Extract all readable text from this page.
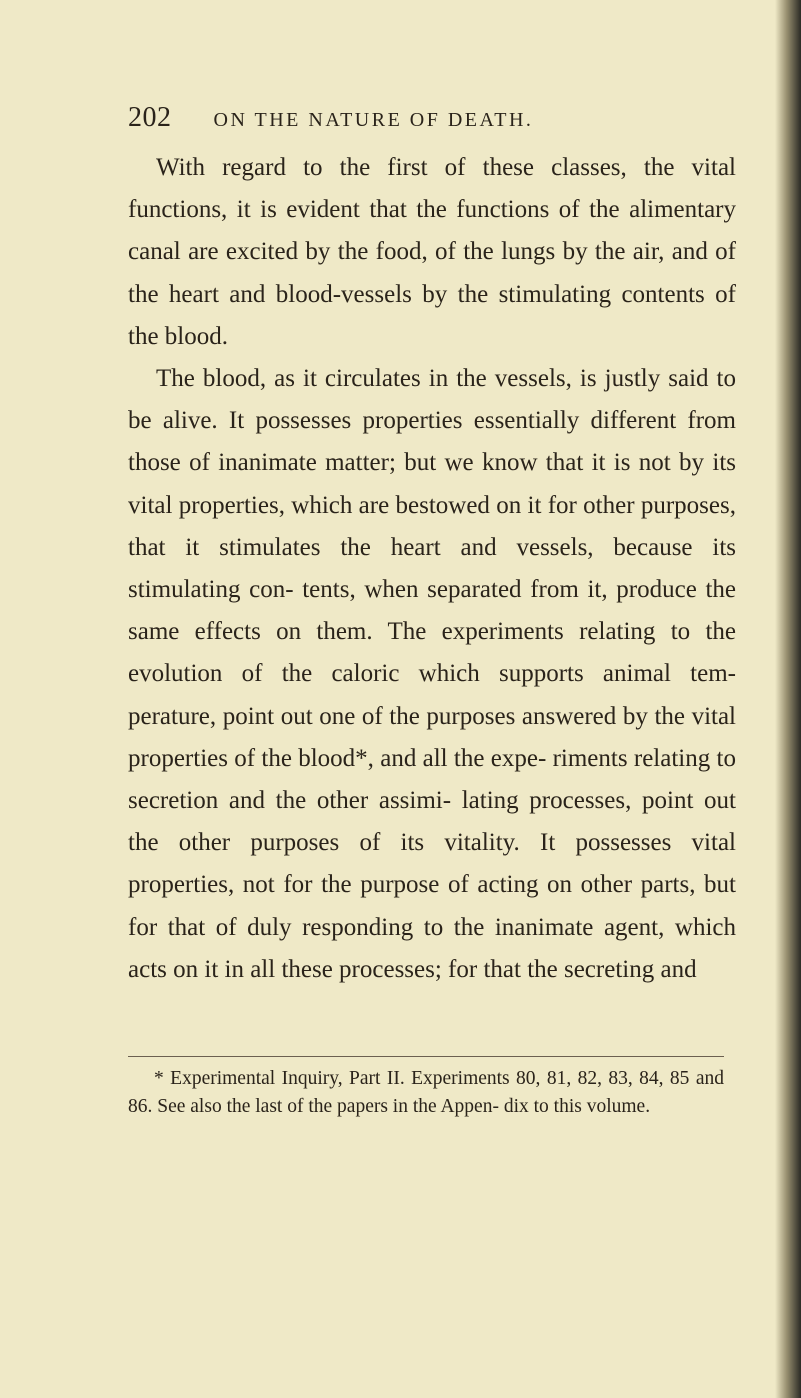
202 ON THE NATURE OF DEATH.

With regard to the first of these classes, the vital functions, it is evident that the functions of the alimentary canal are excited by the food, of the lungs by the air, and of the heart and blood-vessels by the stimulating contents of the blood.

The blood, as it circulates in the vessels, is justly said to be alive. It possesses properties essentially different from those of inanimate matter; but we know that it is not by its vital properties, which are bestowed on it for other purposes, that it stimulates the heart and vessels, because its stimulating con- tents, when separated from it, produce the same effects on them. The experiments relating to the evolution of the caloric which supports animal tem- perature, point out one of the purposes answered by the vital properties of the blood*, and all the expe- riments relating to secretion and the other assimi- lating processes, point out the other purposes of its vitality. It possesses vital properties, not for the purpose of acting on other parts, but for that of duly responding to the inanimate agent, which acts on it in all these processes; for that the secreting and

* Experimental Inquiry, Part II. Experiments 80, 81, 82, 83, 84, 85 and 86. See also the last of the papers in the Appen- dix to this volume.
